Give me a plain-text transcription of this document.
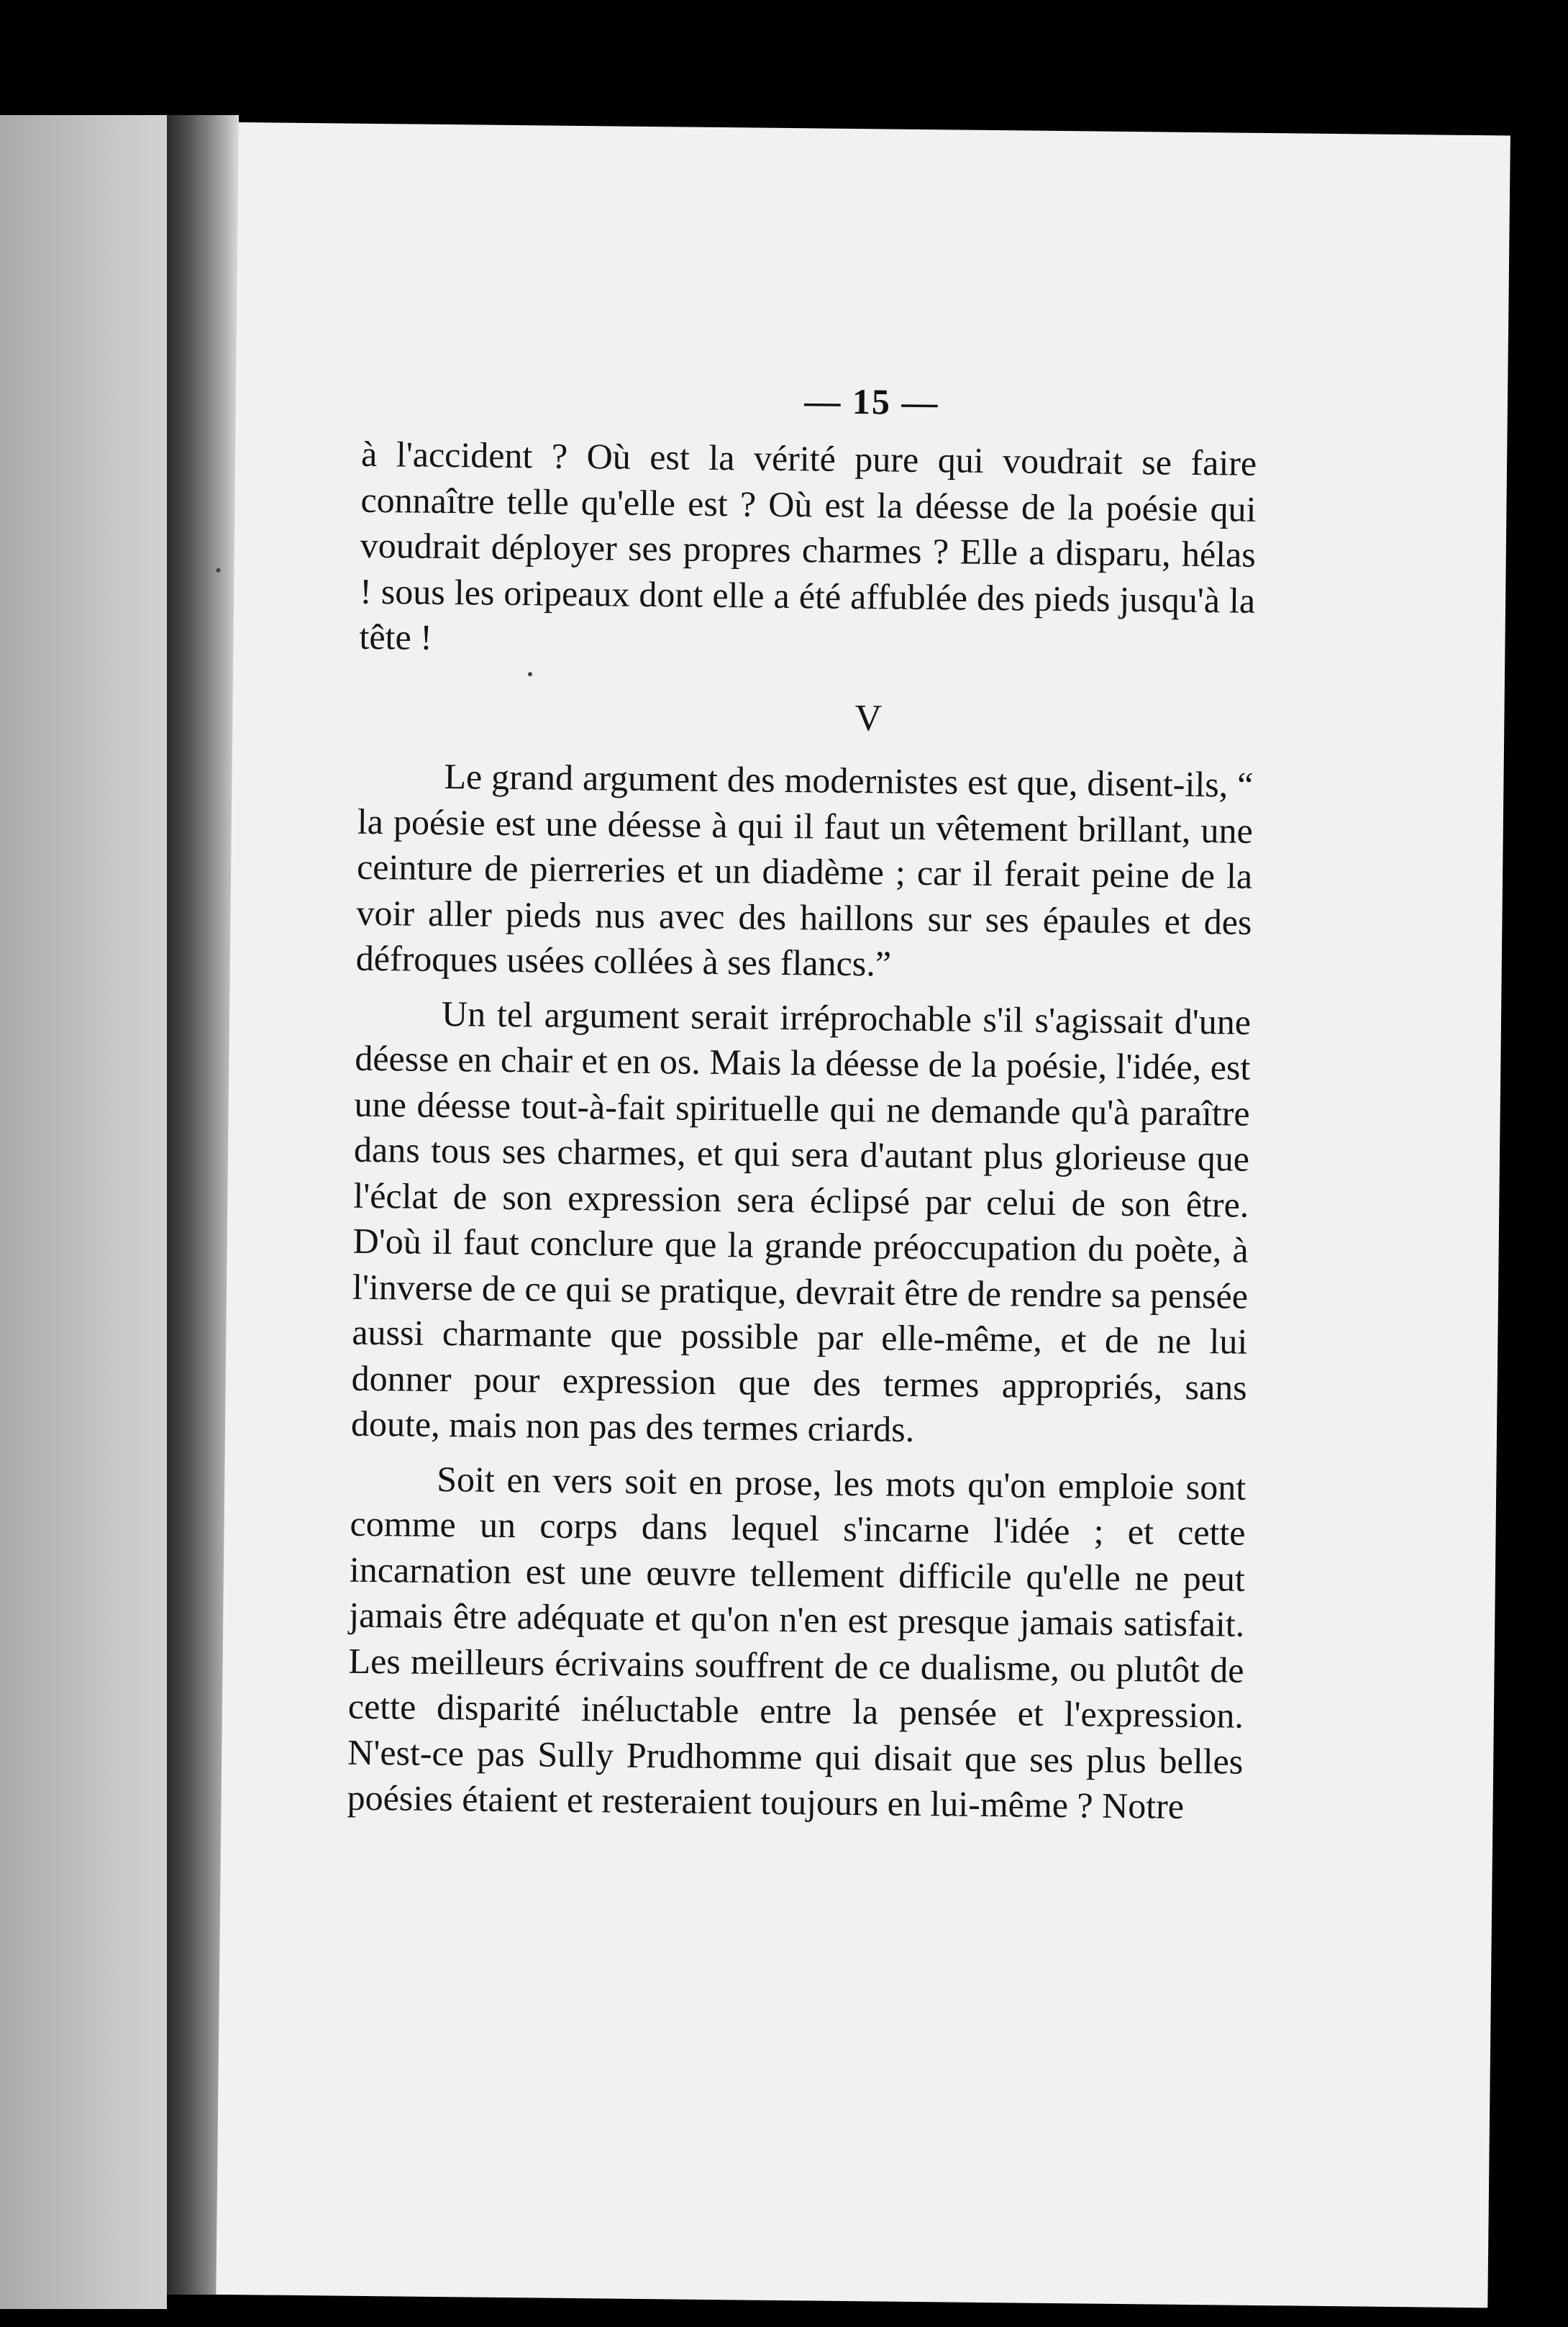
— 15 —

à l'accident ? Où est la vérité pure qui voudrait se faire connaître telle qu'elle est ? Où est la déesse de la poésie qui voudrait déployer ses propres charmes ? Elle a disparu, hélas ! sous les oripeaux dont elle a été affublée des pieds jusqu'à la tête !

V

Le grand argument des modernistes est que, disent-ils, “ la poésie est une déesse à qui il faut un vêtement brillant, une ceinture de pierreries et un diadème ; car il ferait peine de la voir aller pieds nus avec des haillons sur ses épaules et des défroques usées collées à ses flancs.”

Un tel argument serait irréprochable s'il s'agissait d'une déesse en chair et en os. Mais la déesse de la poésie, l'idée, est une déesse tout-à-fait spirituelle qui ne demande qu'à paraître dans tous ses charmes, et qui sera d'autant plus glorieuse que l'éclat de son expression sera éclipsé par celui de son être. D'où il faut conclure que la grande préoccupation du poète, à l'inverse de ce qui se pratique, devrait être de rendre sa pensée aussi charmante que possible par elle-même, et de ne lui donner pour expression que des termes appropriés, sans doute, mais non pas des termes criards.

Soit en vers soit en prose, les mots qu'on emploie sont comme un corps dans lequel s'incarne l'idée ; et cette incarnation est une œuvre tellement difficile qu'elle ne peut jamais être adéquate et qu'on n'en est presque jamais satisfait. Les meilleurs écrivains souffrent de ce dualisme, ou plutôt de cette disparité inéluctable entre la pensée et l'expression. N'est-ce pas Sully Prudhomme qui disait que ses plus belles poésies étaient et resteraient toujours en lui-même ? Notre
